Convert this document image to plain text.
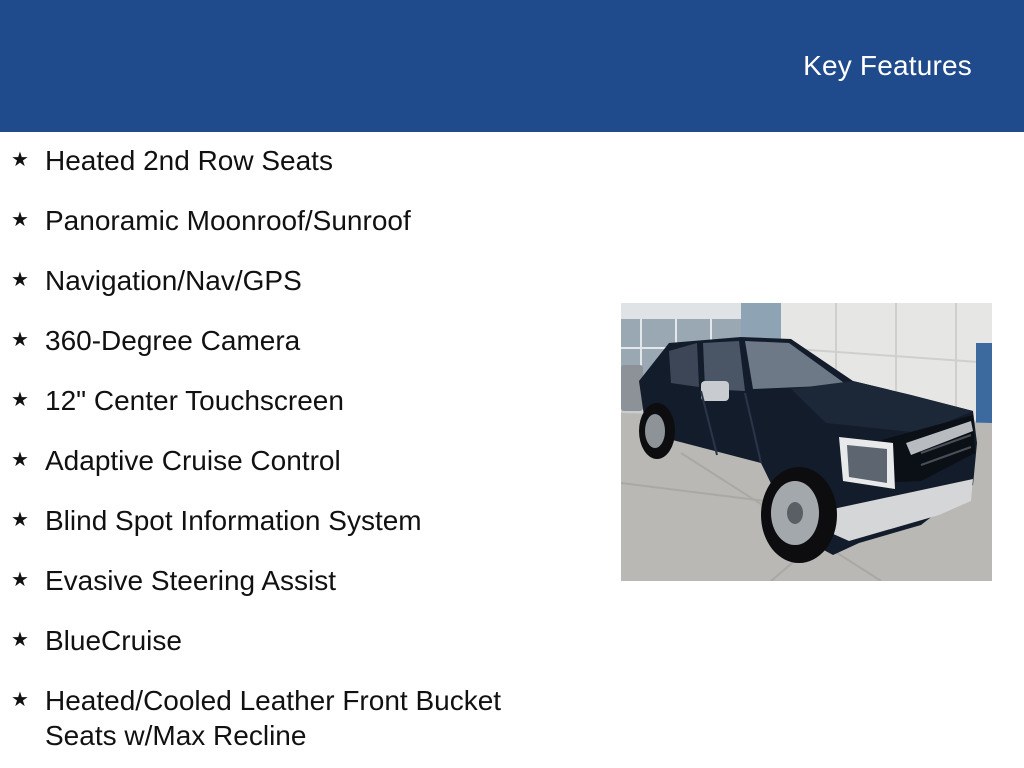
Key Features
★ Heated 2nd Row Seats
★ Panoramic Moonroof/Sunroof
★ Navigation/Nav/GPS
★ 360-Degree Camera
★ 12" Center Touchscreen
★ Adaptive Cruise Control
★ Blind Spot Information System
★ Evasive Steering Assist
★ BlueCruise
★ Heated/Cooled Leather Front Bucket Seats w/Max Recline
